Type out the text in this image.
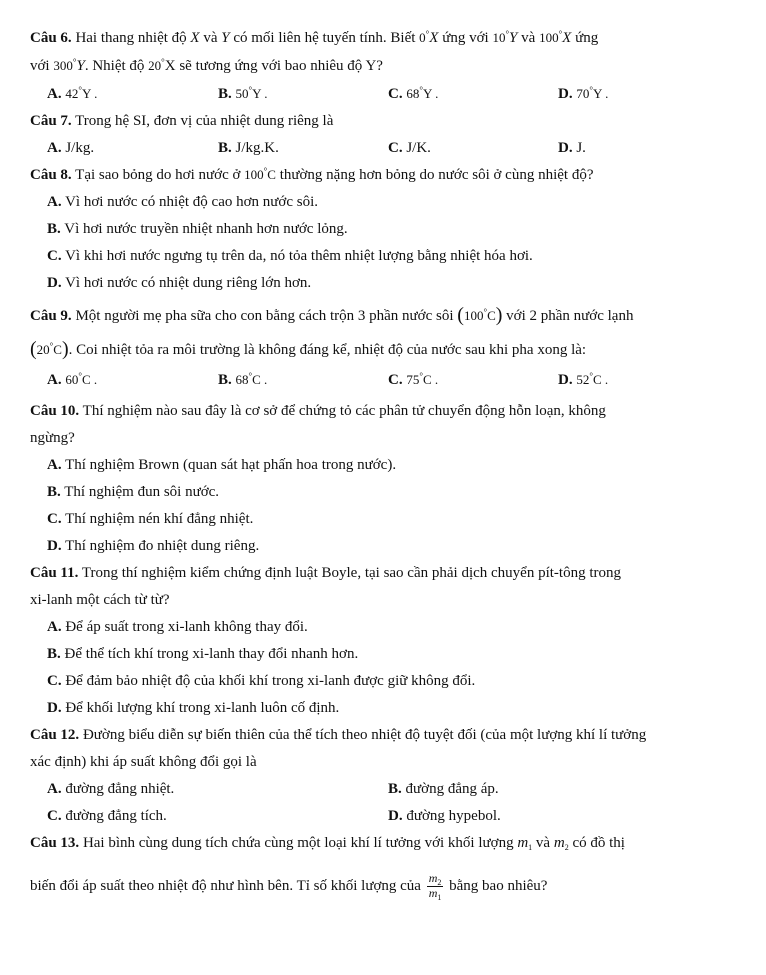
Câu 6. Hai thang nhiệt độ X và Y có mối liên hệ tuyến tính. Biết 0°X ứng với 10°Y và 100°X ứng
với 300°Y. Nhiệt độ 20°X sẽ tương ứng với bao nhiêu độ Y?
A. 42°Y .	B. 50°Y .	C. 68°Y .	D. 70°Y .
Câu 7. Trong hệ SI, đơn vị của nhiệt dung riêng là
A. J/kg.	B. J/kg.K.	C. J/K.	D. J.
Câu 8. Tại sao bỏng do hơi nước ở 100°C thường nặng hơn bỏng do nước sôi ở cùng nhiệt độ?
A. Vì hơi nước có nhiệt độ cao hơn nước sôi.
B. Vì hơi nước truyền nhiệt nhanh hơn nước lỏng.
C. Vì khi hơi nước ngưng tụ trên da, nó tỏa thêm nhiệt lượng bằng nhiệt hóa hơi.
D. Vì hơi nước có nhiệt dung riêng lớn hơn.
Câu 9. Một người mẹ pha sữa cho con bằng cách trộn 3 phần nước sôi (100°C) với 2 phần nước lạnh
(20°C). Coi nhiệt tỏa ra môi trường là không đáng kể, nhiệt độ của nước sau khi pha xong là:
A. 60°C .	B. 68°C .	C. 75°C .	D. 52°C .
Câu 10. Thí nghiệm nào sau đây là cơ sở để chứng tỏ các phân tử chuyển động hỗn loạn, không
ngừng?
A. Thí nghiệm Brown (quan sát hạt phấn hoa trong nước).
B. Thí nghiệm đun sôi nước.
C. Thí nghiệm nén khí đẳng nhiệt.
D. Thí nghiệm đo nhiệt dung riêng.
Câu 11. Trong thí nghiệm kiểm chứng định luật Boyle, tại sao cần phải dịch chuyển pít-tông trong
xi-lanh một cách từ từ?
A. Để áp suất trong xi-lanh không thay đổi.
B. Để thể tích khí trong xi-lanh thay đổi nhanh hơn.
C. Để đảm bảo nhiệt độ của khối khí trong xi-lanh được giữ không đổi.
D. Để khối lượng khí trong xi-lanh luôn cố định.
Câu 12. Đường biểu diễn sự biến thiên của thể tích theo nhiệt độ tuyệt đối (của một lượng khí lí tưởng
xác định) khi áp suất không đổi gọi là
A. đường đẳng nhiệt.	B. đường đẳng áp.
C. đường đẳng tích.	D. đường hypebol.
Câu 13. Hai bình cùng dung tích chứa cùng một loại khí lí tưởng với khối lượng $m_1$ và $m_2$ có đồ thị
biến đổi áp suất theo nhiệt độ như hình bên. Tỉ số khối lượng của $\frac{m_2}{m_1}$ bằng bao nhiêu?
